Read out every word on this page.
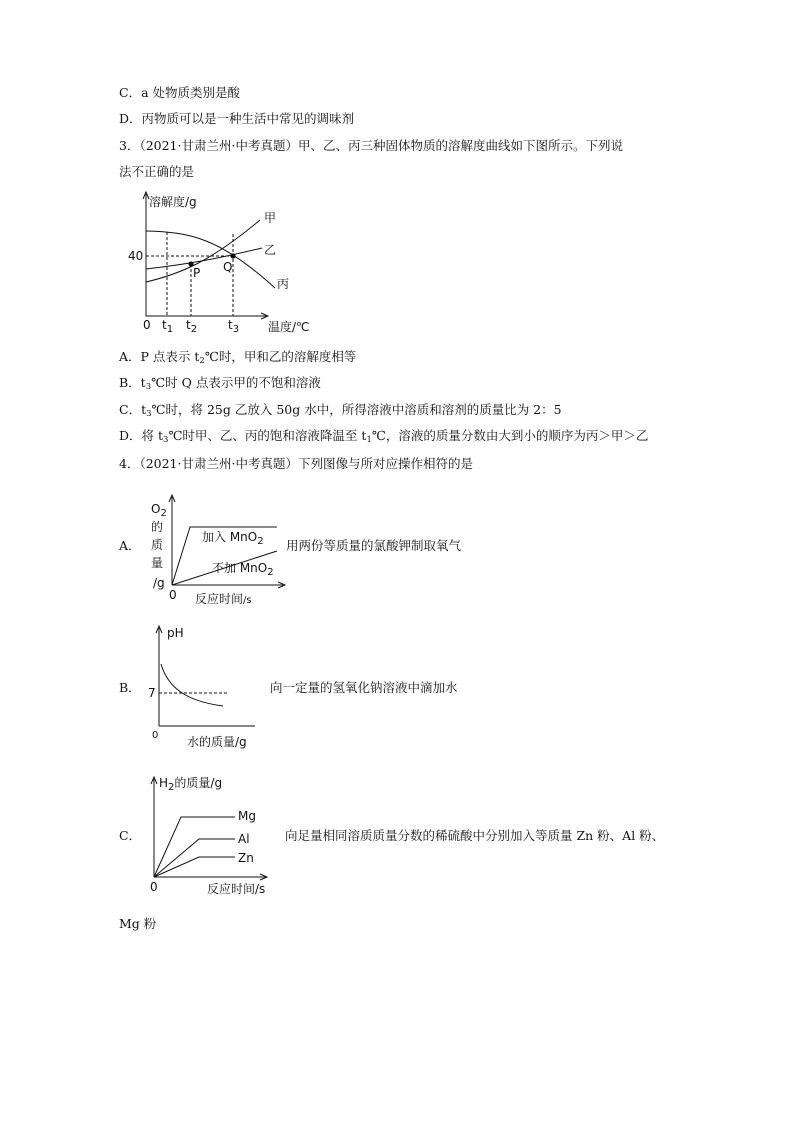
C．a 处物质类别是酸
D．丙物质可以是一种生活中常见的调味剂
3．（2021·甘肃兰州·中考真题）甲、乙、丙三种固体物质的溶解度曲线如下图所示。下列说
法不正确的是
溶解度/g
40
P Q
甲
乙
丙
0 $t_1$ $t_2$	$t_3$ 温度/℃
A．P 点表示 $t_2℃$时，甲和乙的溶解度相等
B．$t_3℃$时 Q 点表示甲的不饱和溶液
C．$t_3℃$时，将 25g 乙放入 50g 水中，所得溶液中溶质和溶剂的质量比为 2：5
D．将 $t_3℃$时甲、乙、丙的饱和溶液降温至 $t_1℃$，溶液的质量分数由大到小的顺序为丙＞甲＞乙
4．（2021·甘肃兰州·中考真题）下列图像与所对应操作相符的是
A．
$O_2$
的
质
量
/g
加入 MnO$_2$
不加 MnO$_2$
0 反应时间/s
用两份等质量的氯酸钾制取氧气
B．
pH
7
0 水的质量/g
向一定量的氢氧化钠溶液中滴加水
C．
$H_2$的质量/g
Mg
Al
Zn
0	反应时间/s
向足量相同溶质质量分数的稀硫酸中分别加入等质量 Zn 粉、Al 粉、
Mg 粉
